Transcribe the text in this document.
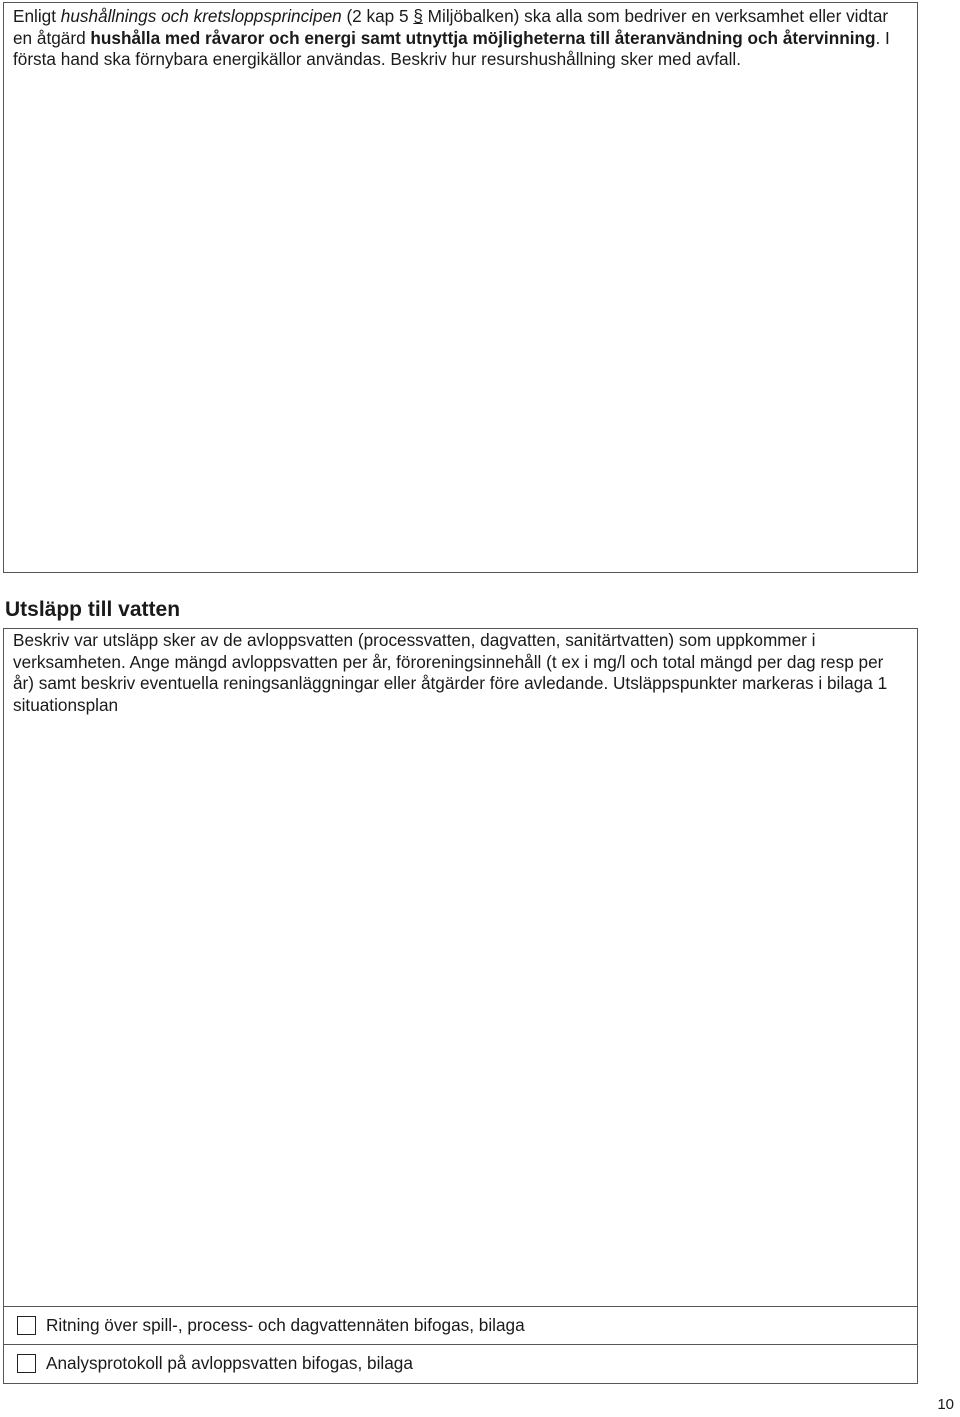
Enligt hushållnings och kretsloppsprincipen (2 kap 5 § Miljöbalken) ska alla som bedriver en verksamhet eller vidtar en åtgärd hushålla med råvaror och energi samt utnyttja möjligheterna till återanvändning och återvinning. I första hand ska förnybara energikällor användas. Beskriv hur resurshushållning sker med avfall.

Utsläpp till vatten

Beskriv var utsläpp sker av de avloppsvatten (processvatten, dagvatten, sanitärtvatten) som uppkommer i verksamheten. Ange mängd avloppsvatten per år, föroreningsinnehåll (t ex i mg/l och total mängd per dag resp per år) samt beskriv eventuella reningsanläggningar eller åtgärder före avledande. Utsläppspunkter markeras i bilaga 1 situationsplan

Ritning över spill-, process- och dagvattennäten bifogas, bilaga
Analysprotokoll på avloppsvatten bifogas, bilaga
10
